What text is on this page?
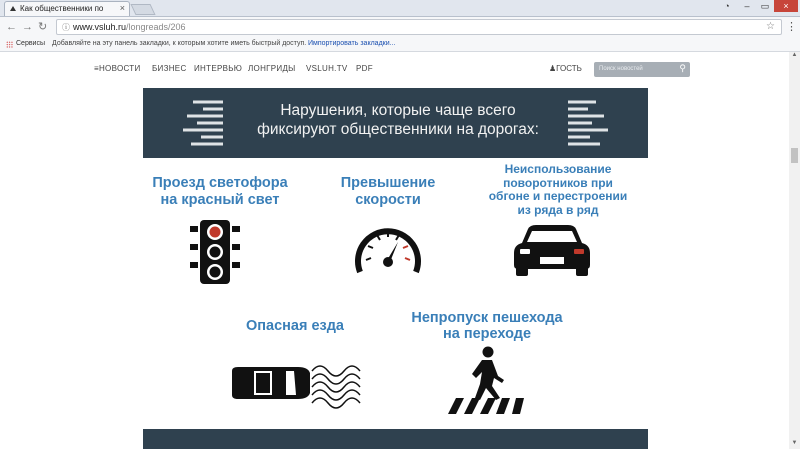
Как общественники по	×	◔	–	▭	×
← → ↻ ⓘ www.vsluh.ru/longreads/206	☆ ⋮
Сервисы Добавляйте на эту панель закладки, к которым хотите иметь быстрый доступ. Импортировать закладки...
≡НОВОСТИ БИЗНЕС ИНТЕРВЬЮ ЛОНГРИДЫ VSLUH.TV PDF	♟ГОСТЬ	Поиск новостей	⚲
Нарушения, которые чаще всего
фиксируют общественники на дорогах:
Проезд светофора
на красный свет
Превышение
скорости
Неиспользование
поворотников при
обгоне и перестроении
из ряда в ряд
Опасная езда	Непропуск пешехода
на переходе
▲
▼
